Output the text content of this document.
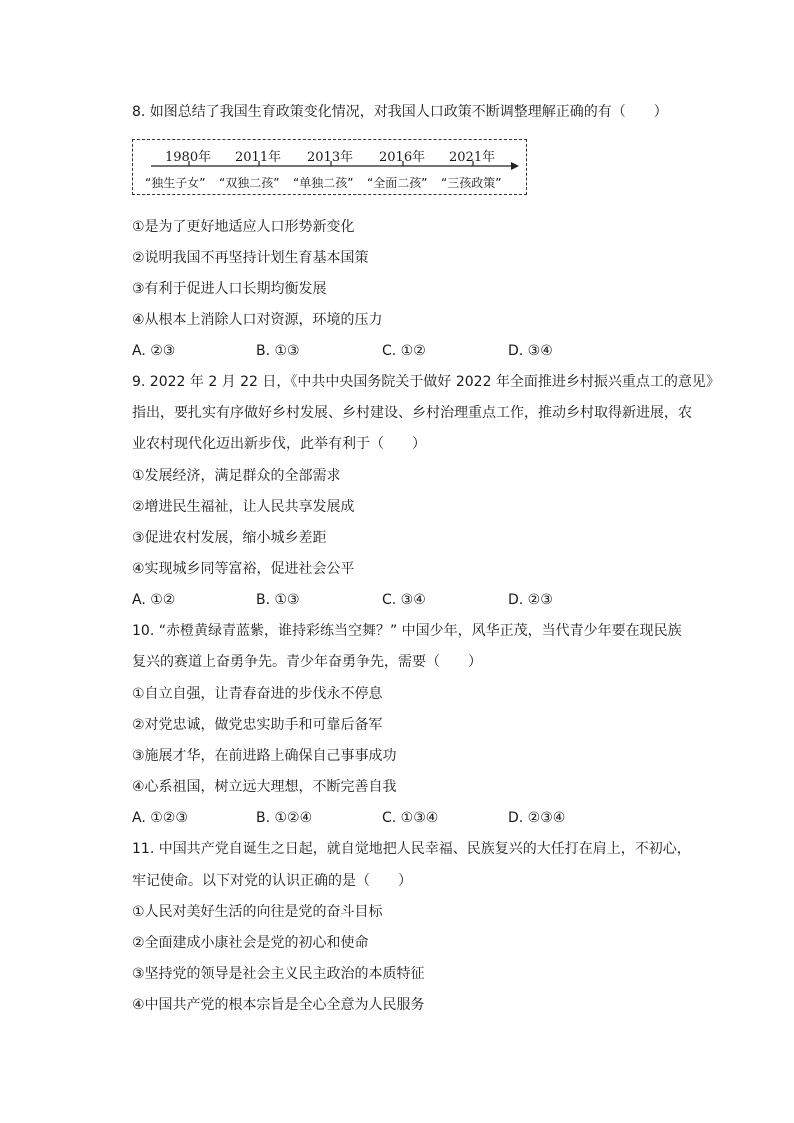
8. 如图总结了我国生育政策变化情况，对我国人口政策不断调整理解正确的有（　　）
1980年 2011年 2013年 2016年 2021年
“独生子女” “双独二孩” “单独二孩” “全面二孩” “三孩政策”
①是为了更好地适应人口形势新变化
②说明我国不再坚持计划生育基本国策
③有利于促进人口长期均衡发展
④从根本上消除人口对资源，环境的压力
A. ②③	B. ①③	C. ①②	D. ③④
9. 2022 年 2 月 22 日，《中共中央国务院关于做好 2022 年全面推进乡村振兴重点工的意见》
指出，要扎实有序做好乡村发展、乡村建设、乡村治理重点工作，推动乡村取得新进展，农
业农村现代化迈出新步伐，此举有利于（　　）
①发展经济，满足群众的全部需求
②增进民生福祉，让人民共享发展成
③促进农村发展，缩小城乡差距
④实现城乡同等富裕，促进社会公平
A. ①②	B. ①③	C. ③④	D. ②③
10. “赤橙黄绿青蓝紫，谁持彩练当空舞？” 中国少年，风华正茂，当代青少年要在现民族
复兴的赛道上奋勇争先。青少年奋勇争先，需要（　　）
①自立自强，让青春奋进的步伐永不停息
②对党忠诚，做党忠实助手和可靠后备军
③施展才华，在前进路上确保自己事事成功
④心系祖国，树立远大理想，不断完善自我
A. ①②③	B. ①②④	C. ①③④	D. ②③④
11. 中国共产党自诞生之日起，就自觉地把人民幸福、民族复兴的大任打在肩上，不初心，
牢记使命。以下对党的认识正确的是（　　）
①人民对美好生活的向往是党的奋斗目标
②全面建成小康社会是党的初心和使命
③坚持党的领导是社会主义民主政治的本质特征
④中国共产党的根本宗旨是全心全意为人民服务
